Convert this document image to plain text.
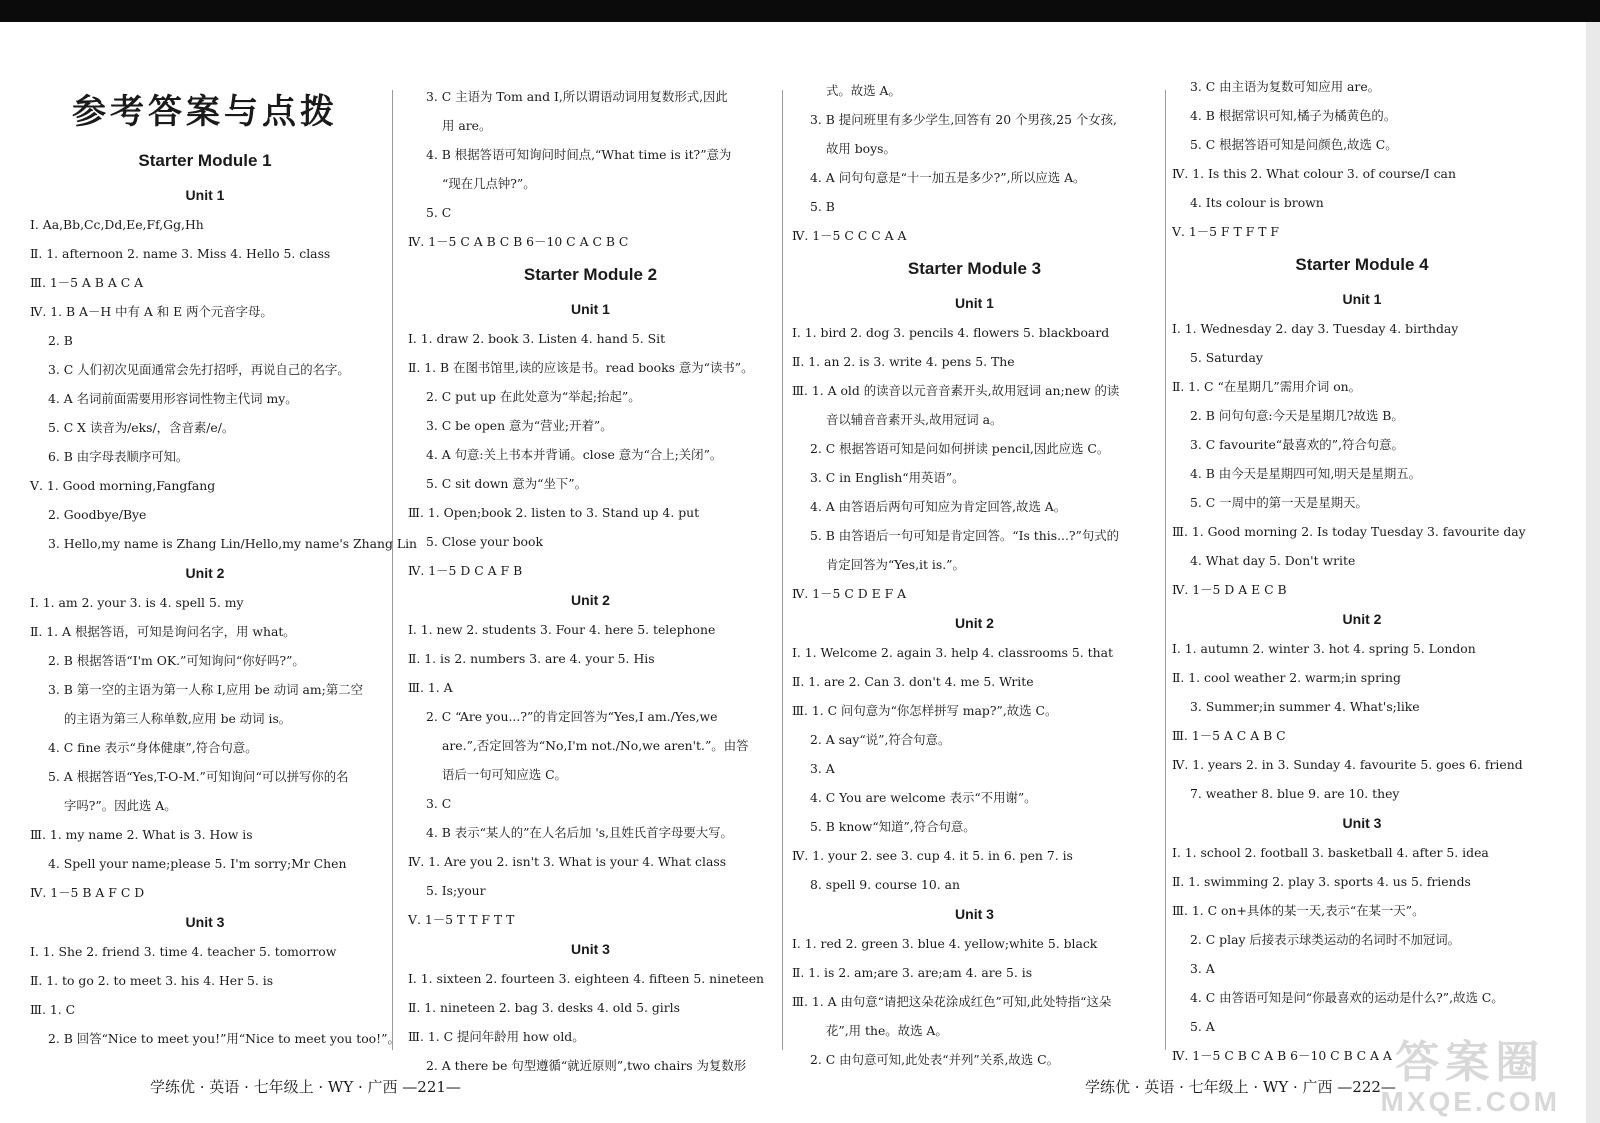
参考答案与点拨
Starter Module 1
Unit 1
Ⅰ. Aa,Bb,Cc,Dd,Ee,Ff,Gg,Hh
Ⅱ. 1. afternoon 2. name 3. Miss 4. Hello 5. class
Ⅲ. 1－5 A B A C A
Ⅳ. 1. B A－H 中有 A 和 E 两个元音字母。
2. B
3. C 人们初次见面通常会先打招呼，再说自己的名字。
4. A 名词前面需要用形容词性物主代词 my。
5. C X 读音为/eks/，含音素/e/。
6. B 由字母表顺序可知。
Ⅴ. 1. Good morning,Fangfang
2. Goodbye/Bye
3. Hello,my name is Zhang Lin/Hello,my name's Zhang Lin
Unit 2
Ⅰ. 1. am 2. your 3. is 4. spell 5. my
Ⅱ. 1. A 根据答语，可知是询问名字，用 what。
2. B 根据答语“I'm OK.”可知询问“你好吗?”。
3. B 第一空的主语为第一人称 I,应用 be 动词 am;第二空
的主语为第三人称单数,应用 be 动词 is。
4. C fine 表示“身体健康”,符合句意。
5. A 根据答语“Yes,T-O-M.”可知询问“可以拼写你的名
字吗?”。因此选 A。
Ⅲ. 1. my name 2. What is 3. How is
4. Spell your name;please 5. I'm sorry;Mr Chen
Ⅳ. 1－5 B A F C D
Unit 3
Ⅰ. 1. She 2. friend 3. time 4. teacher 5. tomorrow
Ⅱ. 1. to go 2. to meet 3. his 4. Her 5. is
Ⅲ. 1. C
2. B 回答“Nice to meet you!”用“Nice to meet you too!”。
3. C 主语为 Tom and I,所以谓语动词用复数形式,因此
用 are。
4. B 根据答语可知询问时间点,“What time is it?”意为
“现在几点钟?”。
5. C
Ⅳ. 1－5 C A B C B 6－10 C A C B C
Starter Module 2
Unit 1
Ⅰ. 1. draw 2. book 3. Listen 4. hand 5. Sit
Ⅱ. 1. B 在图书馆里,读的应该是书。read books 意为“读书”。
2. C put up 在此处意为“举起;抬起”。
3. C be open 意为“营业;开着”。
4. A 句意:关上书本并背诵。close 意为“合上;关闭”。
5. C sit down 意为“坐下”。
Ⅲ. 1. Open;book 2. listen to 3. Stand up 4. put
5. Close your book
Ⅳ. 1－5 D C A F B
Unit 2
Ⅰ. 1. new 2. students 3. Four 4. here 5. telephone
Ⅱ. 1. is 2. numbers 3. are 4. your 5. His
Ⅲ. 1. A
2. C “Are you...?”的肯定回答为“Yes,I am./Yes,we
are.”,否定回答为“No,I'm not./No,we aren't.”。由答
语后一句可知应选 C。
3. C
4. B 表示“某人的”在人名后加 's,且姓氏首字母要大写。
Ⅳ. 1. Are you 2. isn't 3. What is your 4. What class
5. Is;your
Ⅴ. 1－5 T T F T T
Unit 3
Ⅰ. 1. sixteen 2. fourteen 3. eighteen 4. fifteen 5. nineteen
Ⅱ. 1. nineteen 2. bag 3. desks 4. old 5. girls
Ⅲ. 1. C 提问年龄用 how old。
2. A there be 句型遵循“就近原则”,two chairs 为复数形
式。故选 A。
3. B 提问班里有多少学生,回答有 20 个男孩,25 个女孩,
故用 boys。
4. A 问句句意是“十一加五是多少?”,所以应选 A。
5. B
Ⅳ. 1－5 C C C A A
Starter Module 3
Unit 1
Ⅰ. 1. bird 2. dog 3. pencils 4. flowers 5. blackboard
Ⅱ. 1. an 2. is 3. write 4. pens 5. The
Ⅲ. 1. A old 的读音以元音音素开头,故用冠词 an;new 的读
音以辅音音素开头,故用冠词 a。
2. C 根据答语可知是问如何拼读 pencil,因此应选 C。
3. C in English“用英语”。
4. A 由答语后两句可知应为肯定回答,故选 A。
5. B 由答语后一句可知是肯定回答。“Is this...?”句式的
肯定回答为“Yes,it is.”。
Ⅳ. 1－5 C D E F A
Unit 2
Ⅰ. 1. Welcome 2. again 3. help 4. classrooms 5. that
Ⅱ. 1. are 2. Can 3. don't 4. me 5. Write
Ⅲ. 1. C 问句意为“你怎样拼写 map?”,故选 C。
2. A say“说”,符合句意。
3. A
4. C You are welcome 表示“不用谢”。
5. B know“知道”,符合句意。
Ⅳ. 1. your 2. see 3. cup 4. it 5. in 6. pen 7. is
8. spell 9. course 10. an
Unit 3
Ⅰ. 1. red 2. green 3. blue 4. yellow;white 5. black
Ⅱ. 1. is 2. am;are 3. are;am 4. are 5. is
Ⅲ. 1. A 由句意“请把这朵花涂成红色”可知,此处特指“这朵
花”,用 the。故选 A。
2. C 由句意可知,此处表“并列”关系,故选 C。
3. C 由主语为复数可知应用 are。
4. B 根据常识可知,橘子为橘黄色的。
5. C 根据答语可知是问颜色,故选 C。
Ⅳ. 1. Is this 2. What colour 3. of course/I can
4. Its colour is brown
Ⅴ. 1－5 F T F T F
Starter Module 4
Unit 1
Ⅰ. 1. Wednesday 2. day 3. Tuesday 4. birthday
5. Saturday
Ⅱ. 1. C “在星期几”需用介词 on。
2. B 问句句意:今天是星期几?故选 B。
3. C favourite“最喜欢的”,符合句意。
4. B 由今天是星期四可知,明天是星期五。
5. C 一周中的第一天是星期天。
Ⅲ. 1. Good morning 2. Is today Tuesday 3. favourite day
4. What day 5. Don't write
Ⅳ. 1－5 D A E C B
Unit 2
Ⅰ. 1. autumn 2. winter 3. hot 4. spring 5. London
Ⅱ. 1. cool weather 2. warm;in spring
3. Summer;in summer 4. What's;like
Ⅲ. 1－5 A C A B C
Ⅳ. 1. years 2. in 3. Sunday 4. favourite 5. goes 6. friend
7. weather 8. blue 9. are 10. they
Unit 3
Ⅰ. 1. school 2. football 3. basketball 4. after 5. idea
Ⅱ. 1. swimming 2. play 3. sports 4. us 5. friends
Ⅲ. 1. C on+具体的某一天,表示“在某一天”。
2. C play 后接表示球类运动的名词时不加冠词。
3. A
4. C 由答语可知是问“你最喜欢的运动是什么?”,故选 C。
5. A
Ⅳ. 1－5 C B C A B 6－10 C B C A A
学练优 · 英语 · 七年级上 · WY · 广西 —221—	学练优 · 英语 · 七年级上 · WY · 广西 —222— 答案圈
MXQE.COM
